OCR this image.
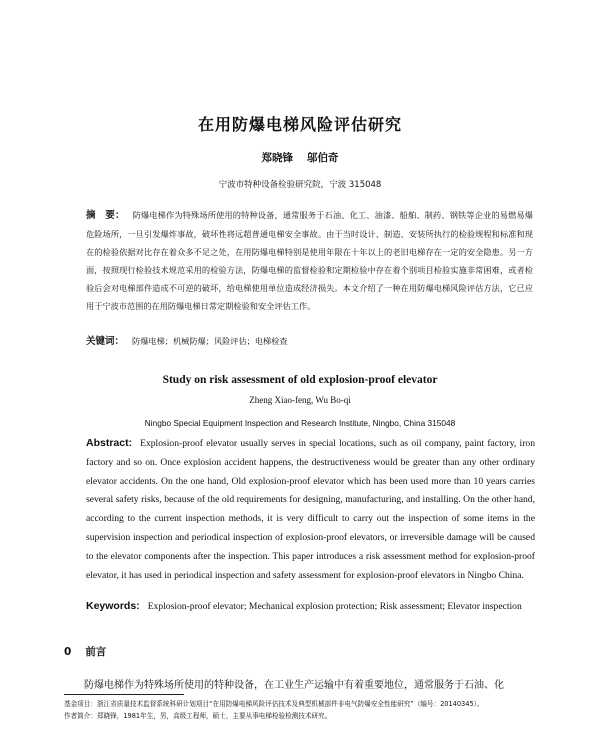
在用防爆电梯风险评估研究
郑晓锋 邬伯奇
宁波市特种设备检验研究院，宁波 315048
摘　要： 防爆电梯作为特殊场所使用的特种设备，通常服务于石油、化工、油漆、船舶、制药、钢铁等企业的易燃易爆危险场所，一旦引发爆炸事故，破坏性将远超普通电梯安全事故。由于当时设计、制造、安装所执行的检验规程和标准和现在的检验依据对比存在着众多不足之处，在用防爆电梯特别是使用年限在十年以上的老旧电梯存在一定的安全隐患。另一方面，按照现行检验技术规范采用的检验方法，防爆电梯的监督检验和定期检验中存在着个别项目检验实施非常困难，或者检验后会对电梯部件造成不可逆的破坏，给电梯使用单位造成经济损失。本文介绍了一种在用防爆电梯风险评估方法，它已应用于宁波市范围的在用防爆电梯日常定期检验和安全评估工作。
关键词： 防爆电梯；机械防爆；风险评估；电梯检查
Study on risk assessment of old explosion-proof elevator
Zheng Xiao-feng, Wu Bo-qi
Ningbo Special Equipment Inspection and Research Institute, Ningbo, China 315048
Abstract: Explosion-proof elevator usually serves in special locations, such as oil company, paint factory, iron factory and so on. Once explosion accident happens, the destructiveness would be greater than any other ordinary elevator accidents. On the one hand, Old explosion-proof elevator which has been used more than 10 years carries several safety risks, because of the old requirements for designing, manufacturing, and installing. On the other hand, according to the current inspection methods, it is very difficult to carry out the inspection of some items in the supervision inspection and periodical inspection of explosion-proof elevators, or irreversible damage will be caused to the elevator components after the inspection. This paper introduces a risk assessment method for explosion-proof elevator, it has used in periodical inspection and safety assessment for explosion-proof elevators in Ningbo China.
Keywords: Explosion-proof elevator; Mechanical explosion protection; Risk assessment; Elevator inspection
0 前言
防爆电梯作为特殊场所使用的特种设备，在工业生产运输中有着重要地位，通常服务于石油、化
基金项目：浙江省质量技术监督系统科研计划项目“在用防爆电梯风险评估技术及典型机械部件非电气防爆安全性能研究”（编号：20140345）。
作者简介：郑晓锋，1981年生，男，高级工程师，硕士，主要从事电梯检验检测技术研究。
